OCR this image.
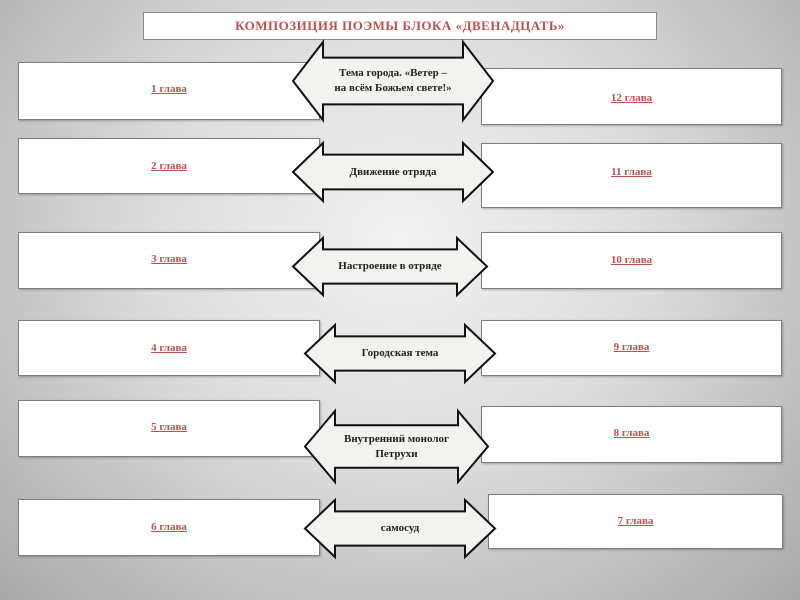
КОМПОЗИЦИЯ ПОЭМЫ БЛОКА «ДВЕНАДЦАТЬ»
1 глава
2 глава
3 глава
4 глава
5 глава
6 глава
12 глава
11 глава
10 глава
9 глава
8 глава
7 глава
Тема города. «Ветер –
на всём Божьем свете!»
Движение отряда
Настроение в отряде
Городская тема
Внутренний монолог
Петрухи
самосуд
